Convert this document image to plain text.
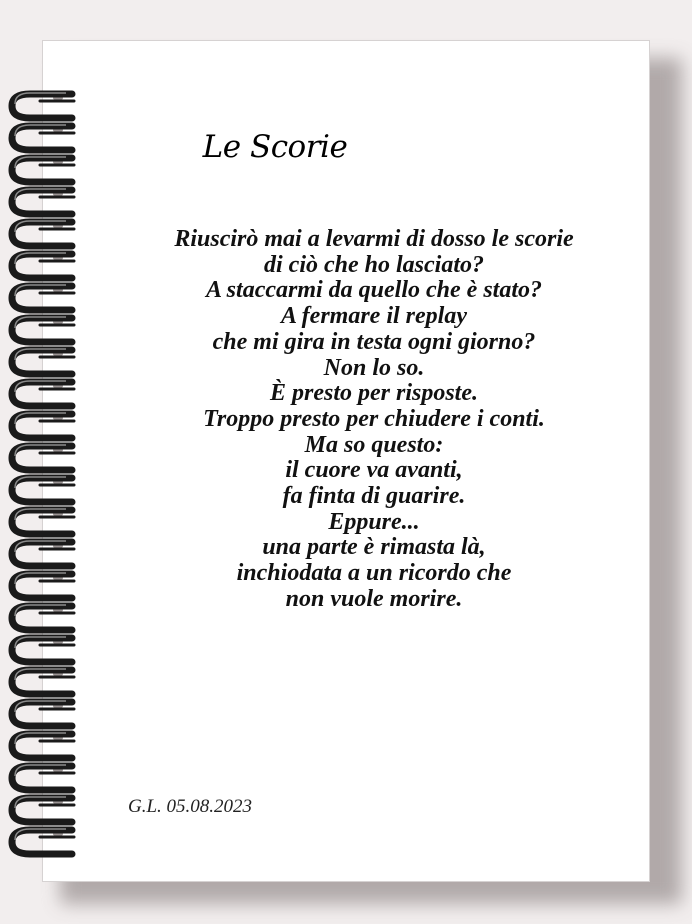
Le Scorie
Riuscirò mai a levarmi di dosso le scorie
di ciò che ho lasciato?
A staccarmi da quello che è stato?
A fermare il replay
che mi gira in testa ogni giorno?
Non lo so.
È presto per risposte.
Troppo presto per chiudere i conti.
Ma so questo:
il cuore va avanti,
fa finta di guarire.
Eppure...
una parte è rimasta là,
inchiodata a un ricordo che
non vuole morire.
G.L. 05.08.2023
